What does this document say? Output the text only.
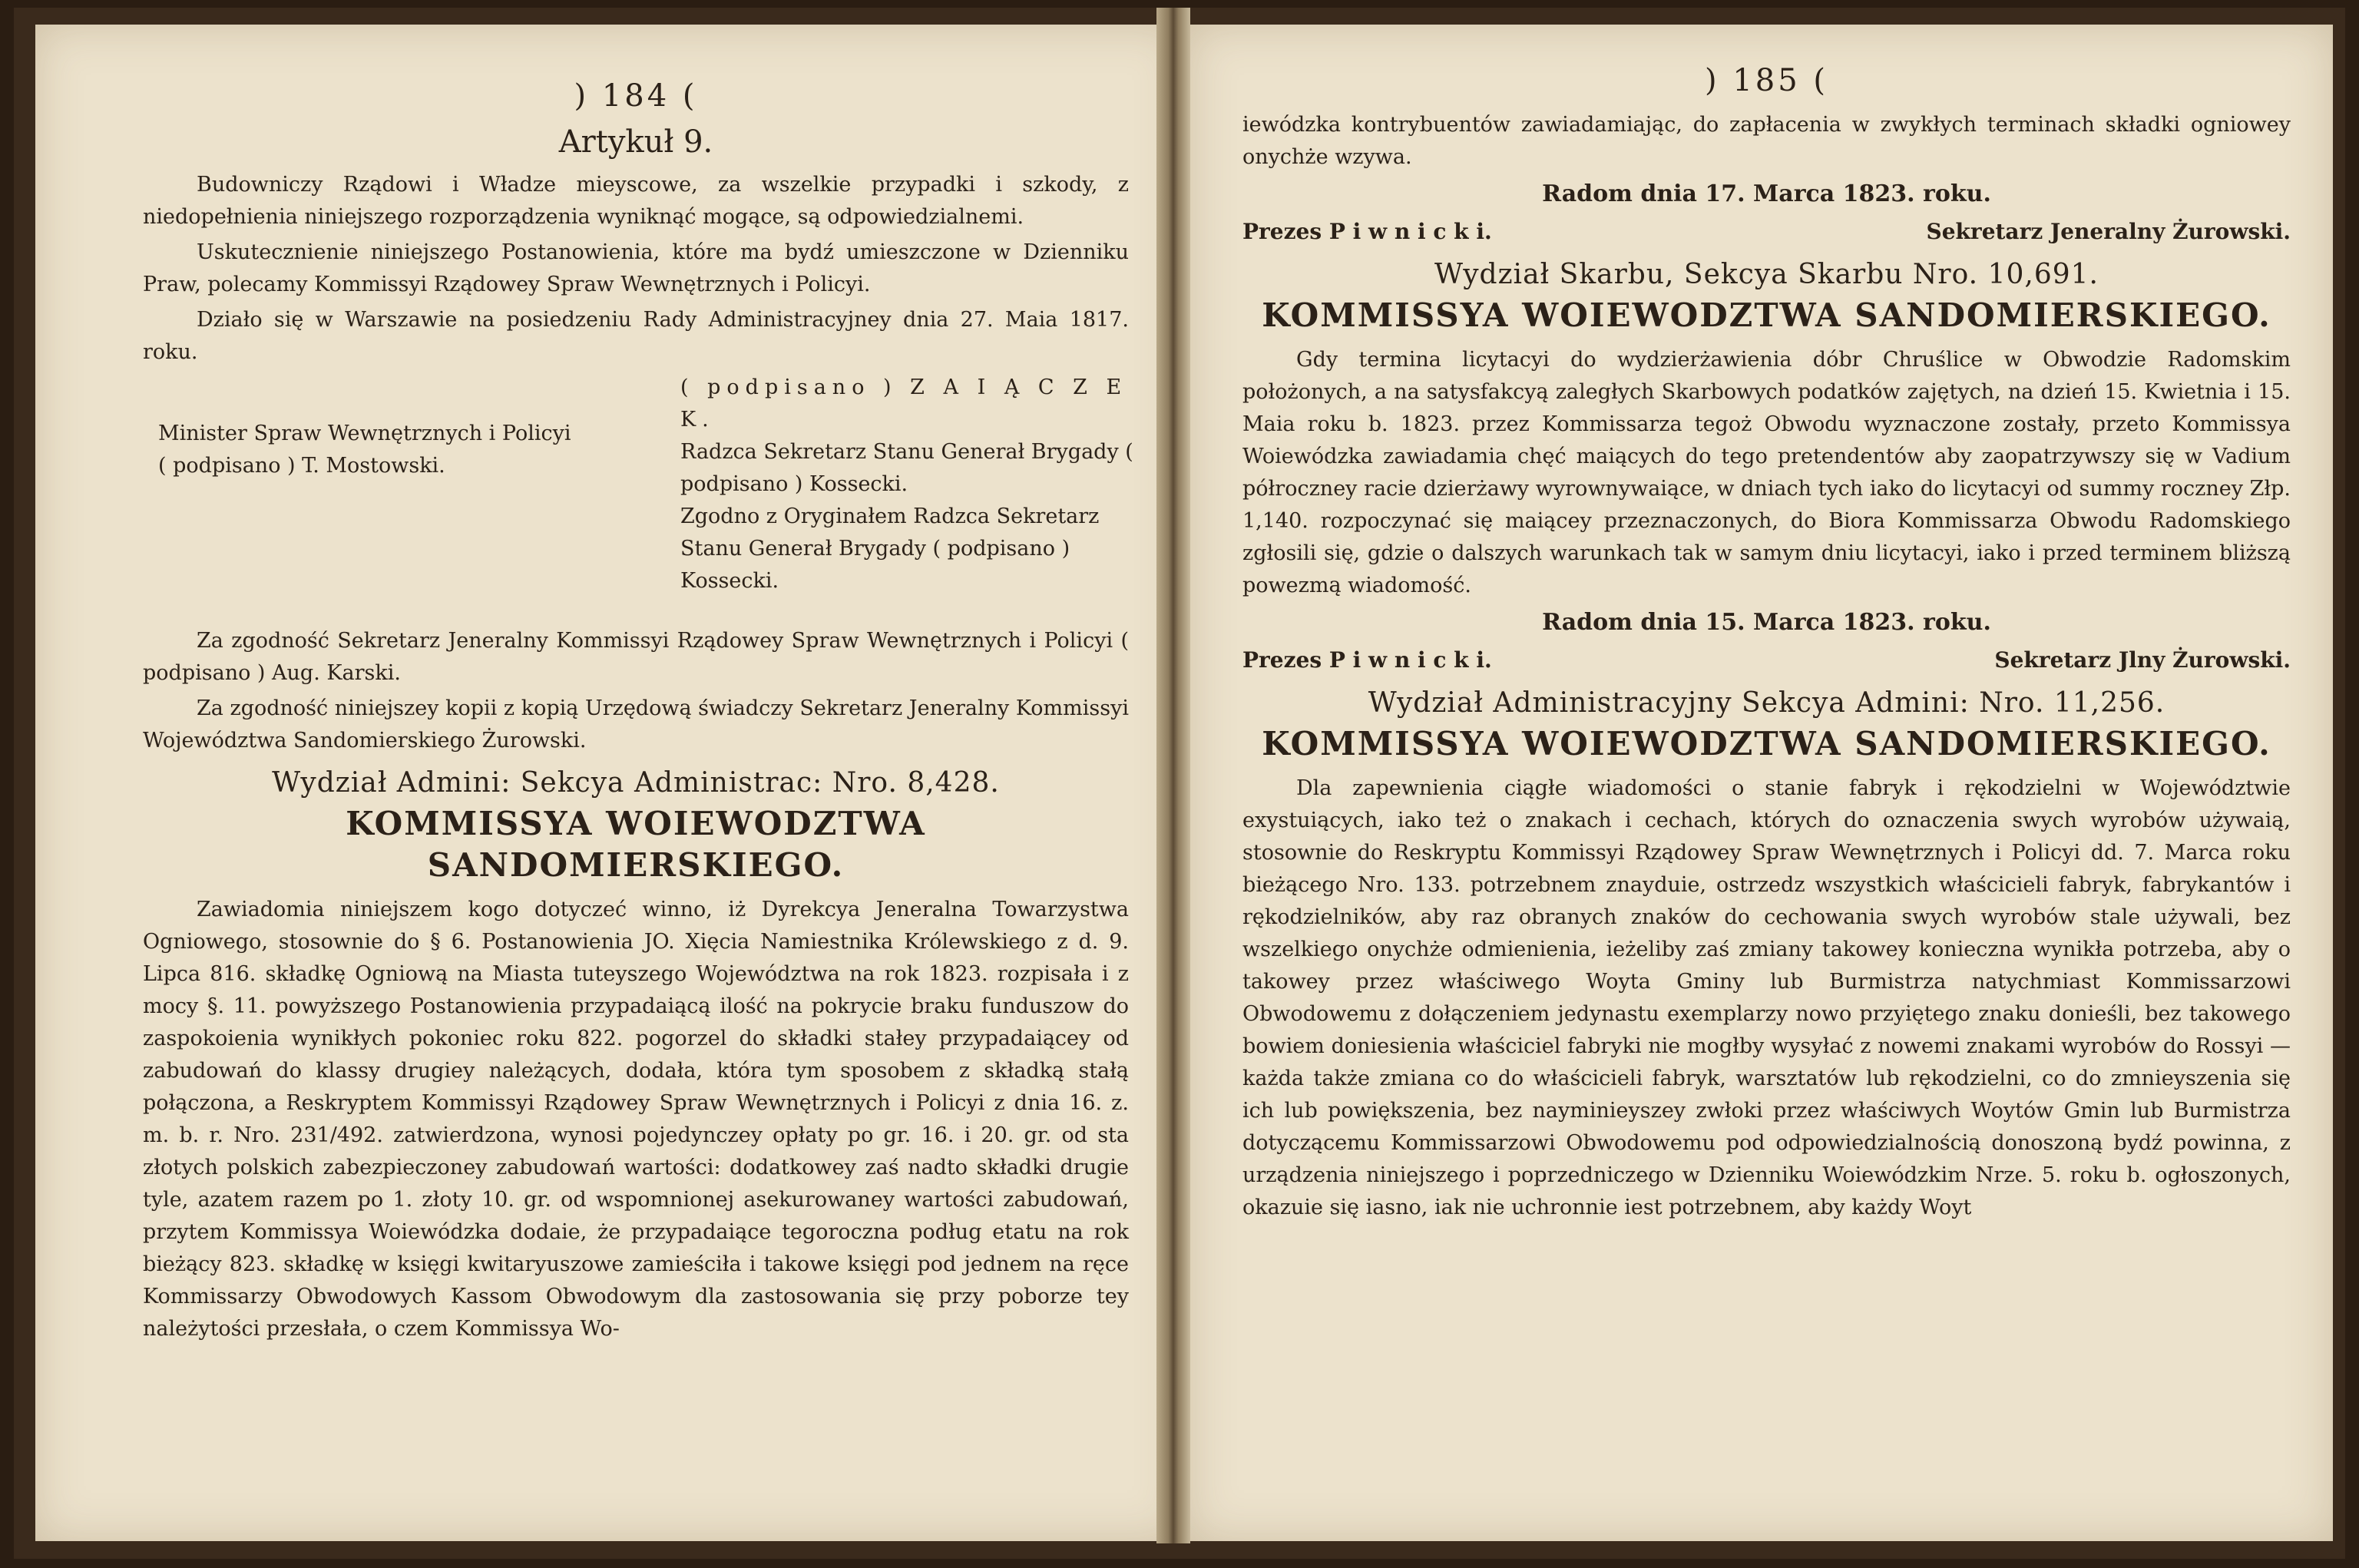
) 184 (
Artykuł 9.

Budowniczy Rządowi i Władze mieyscowe, za wszelkie przypadki i szkody, z niedopełnienia niniejszego rozporządzenia wyniknąć mogące, są odpowiedzialnemi.

Uskutecznienie niniejszego Postanowienia, które ma bydź umieszczone w Dzienniku Praw, polecamy Kommissyi Rządowey Spraw Wewnętrznych i Policyi.

Działo się w Warszawie na posiedzeniu Rady Administracyjney dnia 27. Maia 1817. roku.

( podpisano ) Z A I Ą C Z E K.
Radzca Sekretarz Stanu Generał Brygady ( podpisano ) Kossecki.
Zgodno z Oryginałem Radzca Sekretarz Stanu Generał Brygady ( podpisano ) Kossecki.
Minister Spraw Wewnętrznych i Policyi
( podpisano ) T. Mostowski.

Za zgodność Sekretarz Jeneralny Kommissyi Rządowey Spraw Wewnętrznych i Policyi ( podpisano ) Aug. Karski.

Za zgodność niniejszey kopii z kopią Urzędową świadczy Sekretarz Jeneralny Kommissyi Województwa Sandomierskiego Żurowski.

Wydział Admini: Sekcya Administrac: Nro. 8,428.
KOMMISSYA WOIEWODZTWA SANDOMIERSKIEGO.

Zawiadomia niniejszem kogo dotyczeć winno, iż Dyrekcya Jeneralna Towarzystwa Ogniowego, stosownie do § 6. Postanowienia JO. Xięcia Namiestnika Królewskiego z d. 9. Lipca 816. składkę Ogniową na Miasta tuteyszego Województwa na rok 1823. rozpisała i z mocy §. 11. powyższego Postanowienia przypadaiącą ilość na pokrycie braku funduszow do zaspokoienia wynikłych pokoniec roku 822. pogorzel do składki stałey przypadaiącey od zabudowań do klassy drugiey należących, dodała, która tym sposobem z składką stałą połączona, a Reskryptem Kommissyi Rządowey Spraw Wewnętrznych i Policyi z dnia 16. z. m. b. r. Nro. 231/492. zatwierdzona, wynosi pojedynczey opłaty po gr. 16. i 20. gr. od sta złotych polskich zabezpieczoney zabudowań wartości: dodatkowey zaś nadto składki drugie tyle, azatem razem po 1. złoty 10. gr. od wspomnionej asekurowaney wartości zabudowań, przytem Kommissya Woiewódzka dodaie, że przypadaiące tegoroczna podług etatu na rok bieżący 823. składkę w księgi kwitaryuszowe zamieściła i takowe księgi pod jednem na ręce Kommissarzy Obwodowych Kassom Obwodowym dla zastosowania się przy poborze tey należytości przesłała, o czem Kommissya Wo-

) 185 (

iewódzka kontrybuentów zawiadamiając, do zapłacenia w zwykłych terminach składki ogniowey onychże wzywa.

Radom dnia 17. Marca 1823. roku.
Prezes P i w n i c k i.	Sekretarz Jeneralny Żurowski.
Wydział Skarbu, Sekcya Skarbu Nro. 10,691.
KOMMISSYA WOIEWODZTWA SANDOMIERSKIEGO.

Gdy termina licytacyi do wydzierżawienia dóbr Chruślice w Obwodzie Radomskim położonych, a na satysfakcyą zaległych Skarbowych podatków zajętych, na dzień 15. Kwietnia i 15. Maia roku b. 1823. przez Kommissarza tegoż Obwodu wyznaczone zostały, przeto Kommissya Woiewódzka zawiadamia chęć maiących do tego pretendentów aby zaopatrzywszy się w Vadium półroczney racie dzierżawy wyrownywaiące, w dniach tych iako do licytacyi od summy roczney Złp. 1,140. rozpoczynać się maiącey przeznaczonych, do Biora Kommissarza Obwodu Radomskiego zgłosili się, gdzie o dalszych warunkach tak w samym dniu licytacyi, iako i przed terminem bliższą powezmą wiadomość.

Radom dnia 15. Marca 1823. roku.
Prezes P i w n i c k i.	Sekretarz Jlny Żurowski.
Wydział Administracyjny Sekcya Admini: Nro. 11,256.
KOMMISSYA WOIEWODZTWA SANDOMIERSKIEGO.

Dla zapewnienia ciągłe wiadomości o stanie fabryk i rękodzielni w Województwie exystuiących, iako też o znakach i cechach, których do oznaczenia swych wyrobów używaią, stosownie do Reskryptu Kommissyi Rządowey Spraw Wewnętrznych i Policyi dd. 7. Marca roku bieżącego Nro. 133. potrzebnem znayduie, ostrzedz wszystkich właścicieli fabryk, fabrykantów i rękodzielników, aby raz obranych znaków do cechowania swych wyrobów stale używali, bez wszelkiego onychże odmienienia, ieżeliby zaś zmiany takowey konieczna wynikła potrzeba, aby o takowey przez właściwego Woyta Gminy lub Burmistrza natychmiast Kommissarzowi Obwodowemu z dołączeniem jedynastu exemplarzy nowo przyiętego znaku donieśli, bez takowego bowiem doniesienia właściciel fabryki nie mogłby wysyłać z nowemi znakami wyrobów do Rossyi — każda także zmiana co do właścicieli fabryk, warsztatów lub rękodzielni, co do zmnieyszenia się ich lub powiększenia, bez nayminieyszey zwłoki przez właściwych Woytów Gmin lub Burmistrza dotyczącemu Kommissarzowi Obwodowemu pod odpowiedzialnością donoszoną bydź powinna, z urządzenia niniejszego i poprzedniczego w Dzienniku Woiewódzkim Nrze. 5. roku b. ogłoszonych, okazuie się iasno, iak nie uchronnie iest potrzebnem, aby każdy Woyt
